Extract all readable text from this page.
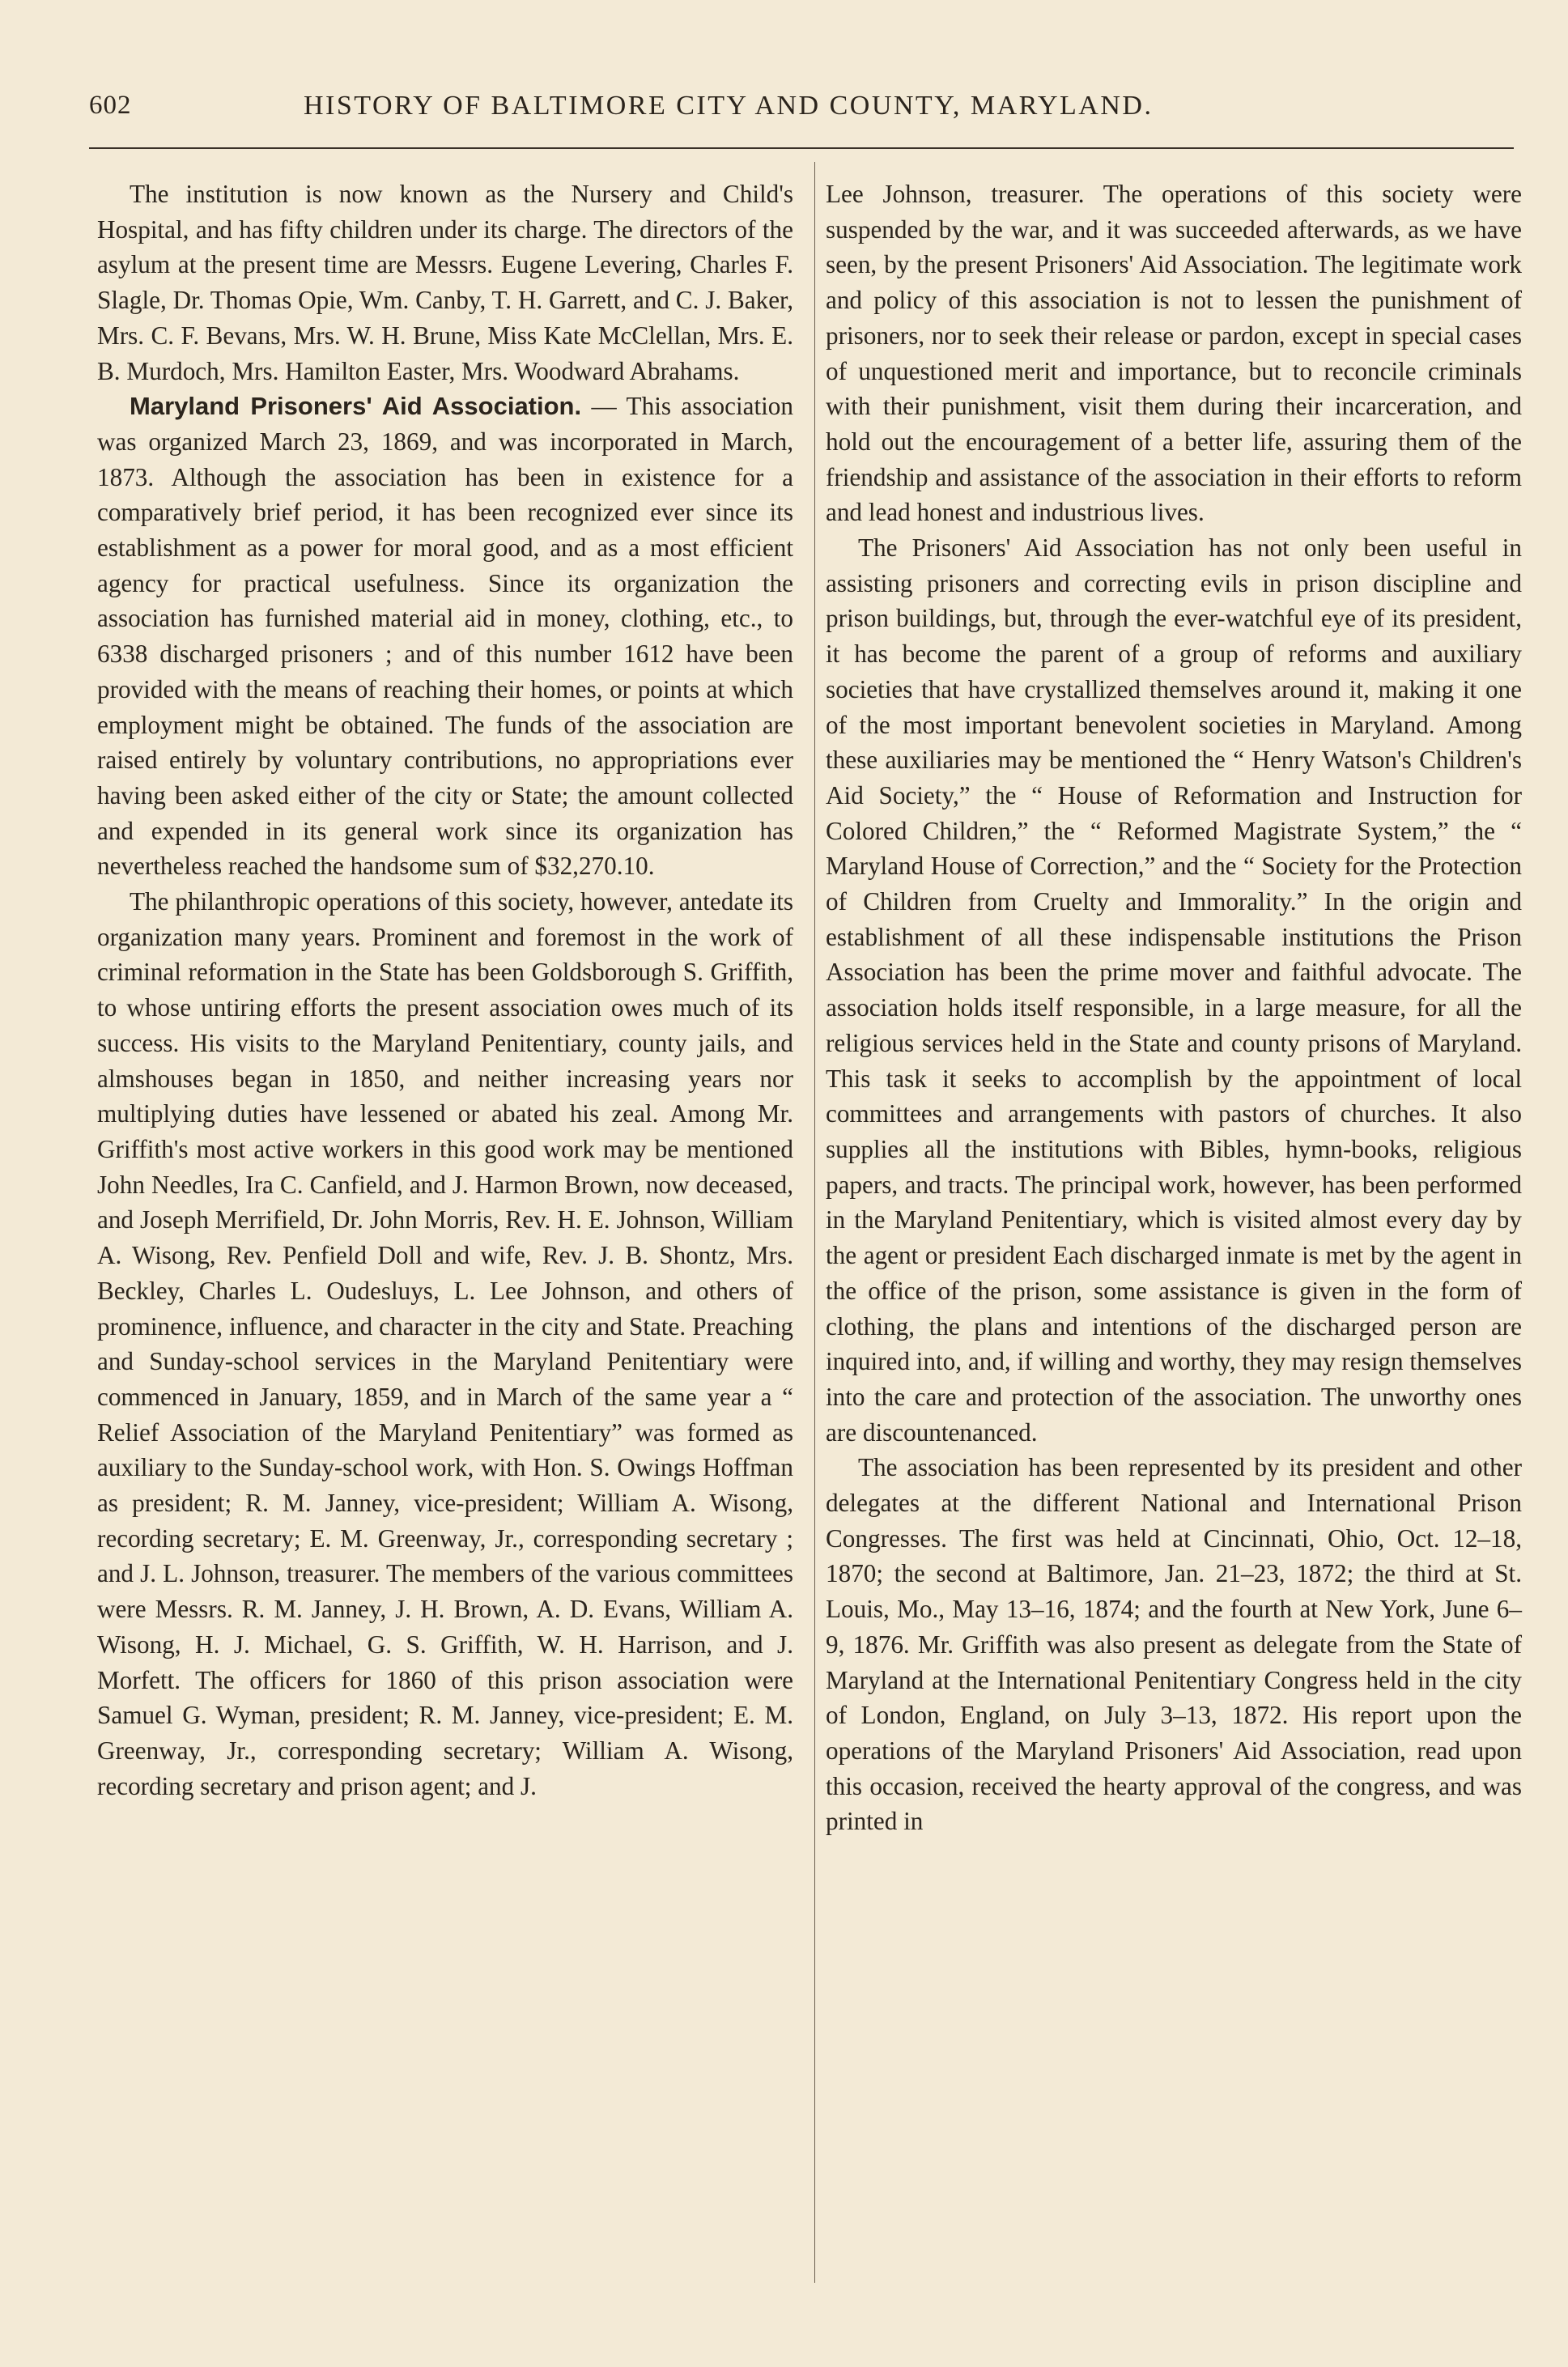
602	HISTORY OF BALTIMORE CITY AND COUNTY, MARYLAND.

The institution is now known as the Nursery and Child's Hospital, and has fifty children under its charge. The directors of the asylum at the present time are Messrs. Eugene Levering, Charles F. Slagle, Dr. Thomas Opie, Wm. Canby, T. H. Garrett, and C. J. Baker, Mrs. C. F. Bevans, Mrs. W. H. Brune, Miss Kate McClellan, Mrs. E. B. Murdoch, Mrs. Hamilton Easter, Mrs. Woodward Abrahams.

Maryland Prisoners' Aid Association. — This association was organized March 23, 1869, and was incorporated in March, 1873. Although the association has been in existence for a comparatively brief period, it has been recognized ever since its establishment as a power for moral good, and as a most efficient agency for practical usefulness. Since its organization the association has furnished material aid in money, clothing, etc., to 6338 discharged prisoners ; and of this number 1612 have been provided with the means of reaching their homes, or points at which employment might be obtained. The funds of the association are raised entirely by voluntary contributions, no appropriations ever having been asked either of the city or State; the amount collected and expended in its general work since its organization has nevertheless reached the handsome sum of $32,270.10.

The philanthropic operations of this society, however, antedate its organization many years. Prominent and foremost in the work of criminal reformation in the State has been Goldsborough S. Griffith, to whose untiring efforts the present association owes much of its success. His visits to the Maryland Penitentiary, county jails, and almshouses began in 1850, and neither increasing years nor multiplying duties have lessened or abated his zeal. Among Mr. Griffith's most active workers in this good work may be mentioned John Needles, Ira C. Canfield, and J. Harmon Brown, now deceased, and Joseph Merrifield, Dr. John Morris, Rev. H. E. Johnson, William A. Wisong, Rev. Penfield Doll and wife, Rev. J. B. Shontz, Mrs. Beckley, Charles L. Oudesluys, L. Lee Johnson, and others of prominence, influence, and character in the city and State. Preaching and Sunday-school services in the Maryland Penitentiary were commenced in January, 1859, and in March of the same year a “ Relief Association of the Maryland Penitentiary” was formed as auxiliary to the Sunday-school work, with Hon. S. Owings Hoffman as president; R. M. Janney, vice-president; William A. Wisong, recording secretary; E. M. Greenway, Jr., corresponding secretary ; and J. L. Johnson, treasurer. The members of the various committees were Messrs. R. M. Janney, J. H. Brown, A. D. Evans, William A. Wisong, H. J. Michael, G. S. Griffith, W. H. Harrison, and J. Morfett. The officers for 1860 of this prison association were Samuel G. Wyman, president; R. M. Janney, vice-president; E. M. Greenway, Jr., corresponding secretary; William A. Wisong, recording secretary and prison agent; and J.

Lee Johnson, treasurer. The operations of this society were suspended by the war, and it was succeeded afterwards, as we have seen, by the present Prisoners' Aid Association. The legitimate work and policy of this association is not to lessen the punishment of prisoners, nor to seek their release or pardon, except in special cases of unquestioned merit and importance, but to reconcile criminals with their punishment, visit them during their incarceration, and hold out the encouragement of a better life, assuring them of the friendship and assistance of the association in their efforts to reform and lead honest and industrious lives.

The Prisoners' Aid Association has not only been useful in assisting prisoners and correcting evils in prison discipline and prison buildings, but, through the ever-watchful eye of its president, it has become the parent of a group of reforms and auxiliary societies that have crystallized themselves around it, making it one of the most important benevolent societies in Maryland. Among these auxiliaries may be mentioned the “ Henry Watson's Children's Aid Society,” the “ House of Reformation and Instruction for Colored Children,” the “ Reformed Magistrate System,” the “ Maryland House of Correction,” and the “ Society for the Protection of Children from Cruelty and Immorality.” In the origin and establishment of all these indispensable institutions the Prison Association has been the prime mover and faithful advocate. The association holds itself responsible, in a large measure, for all the religious services held in the State and county prisons of Maryland. This task it seeks to accomplish by the appointment of local committees and arrangements with pastors of churches. It also supplies all the institutions with Bibles, hymn-books, religious papers, and tracts. The principal work, however, has been performed in the Maryland Penitentiary, which is visited almost every day by the agent or president Each discharged inmate is met by the agent in the office of the prison, some assistance is given in the form of clothing, the plans and intentions of the discharged person are inquired into, and, if willing and worthy, they may resign themselves into the care and protection of the association. The unworthy ones are discountenanced.

The association has been represented by its president and other delegates at the different National and International Prison Congresses. The first was held at Cincinnati, Ohio, Oct. 12–18, 1870; the second at Baltimore, Jan. 21–23, 1872; the third at St. Louis, Mo., May 13–16, 1874; and the fourth at New York, June 6–9, 1876. Mr. Griffith was also present as delegate from the State of Maryland at the International Penitentiary Congress held in the city of London, England, on July 3–13, 1872. His report upon the operations of the Maryland Prisoners' Aid Association, read upon this occasion, received the hearty approval of the congress, and was printed in
